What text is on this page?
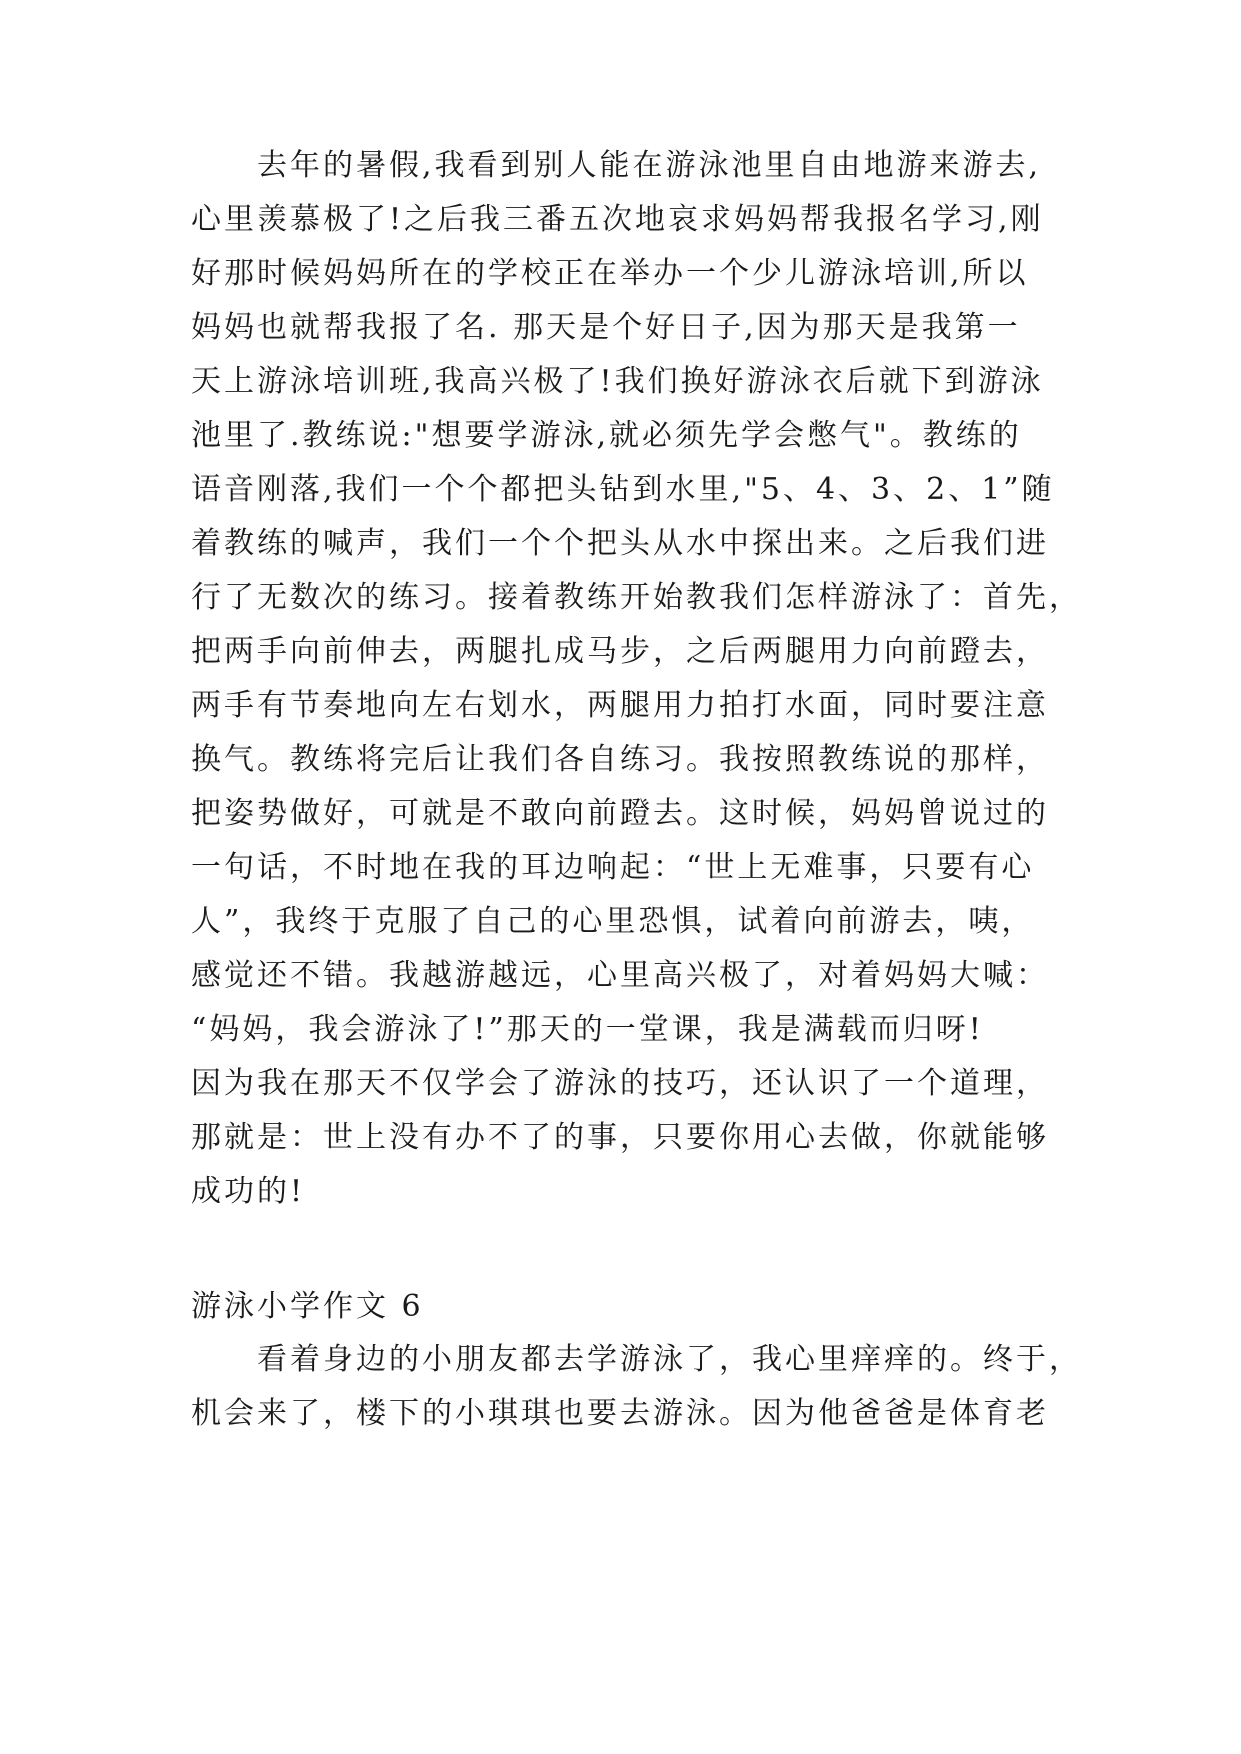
去年的暑假,我看到别人能在游泳池里自由地游来游去,
心里羡慕极了!之后我三番五次地哀求妈妈帮我报名学习,刚
好那时候妈妈所在的学校正在举办一个少儿游泳培训,所以
妈妈也就帮我报了名. 那天是个好日子,因为那天是我第一
天上游泳培训班,我高兴极了!我们换好游泳衣后就下到游泳
池里了.教练说:"想要学游泳,就必须先学会憋气"。教练的
语音刚落,我们一个个都把头钻到水里,"5、4、3、2、1”随
着教练的喊声，我们一个个把头从水中探出来。之后我们进
行了无数次的练习。接着教练开始教我们怎样游泳了：首先，
把两手向前伸去，两腿扎成马步，之后两腿用力向前蹬去，
两手有节奏地向左右划水，两腿用力拍打水面，同时要注意
换气。教练将完后让我们各自练习。我按照教练说的那样，
把姿势做好，可就是不敢向前蹬去。这时候，妈妈曾说过的
一句话，不时地在我的耳边响起：“世上无难事，只要有心
人”，我终于克服了自己的心里恐惧，试着向前游去，咦，
感觉还不错。我越游越远，心里高兴极了，对着妈妈大喊：
“妈妈，我会游泳了!”那天的一堂课，我是满载而归呀!
因为我在那天不仅学会了游泳的技巧，还认识了一个道理，
那就是：世上没有办不了的事，只要你用心去做，你就能够
成功的!
游泳小学作文 6
看着身边的小朋友都去学游泳了，我心里痒痒的。终于，
机会来了，楼下的小琪琪也要去游泳。因为他爸爸是体育老
